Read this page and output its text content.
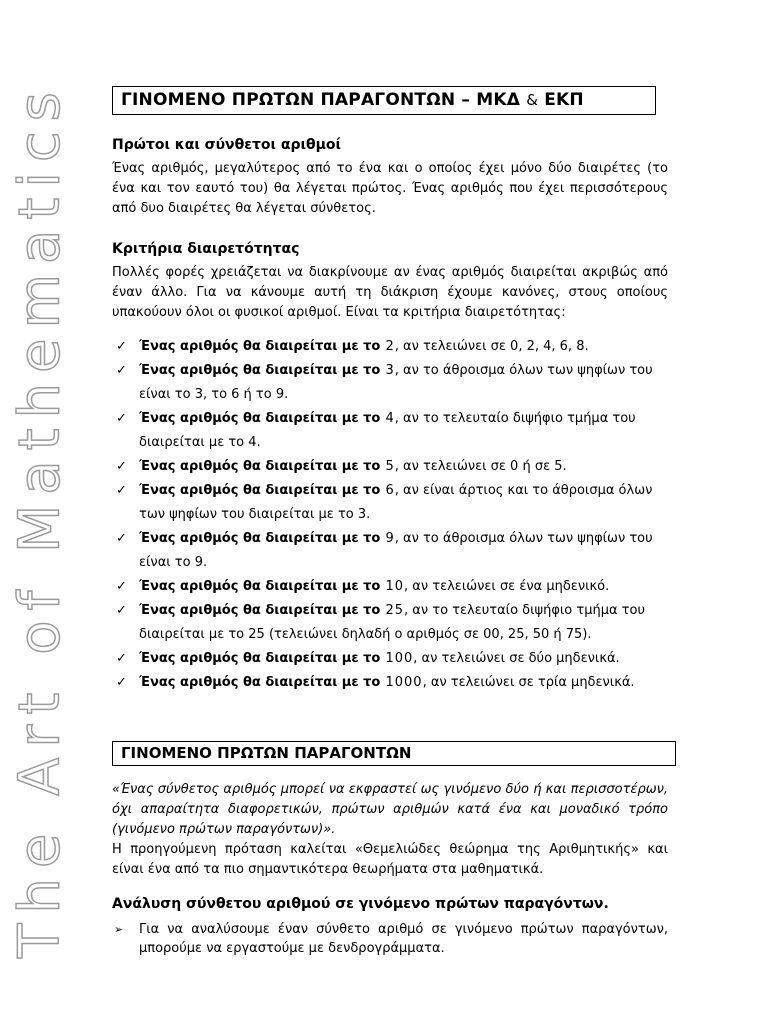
The Art of Mathematics	ΓΙΝΟΜΕΝΟ ΠΡΩΤΩΝ ΠΑΡΑΓΟΝΤΩΝ – ΜΚΔ & ΕΚΠ
Πρώτοι και σύνθετοι αριθμοί

Ένας αριθμός, μεγαλύτερος από το ένα και ο οποίος έχει μόνο δύο διαιρέτες (το ένα και τον εαυτό του) θα λέγεται πρώτος. Ένας αριθμός που έχει περισσότερους από δυο διαιρέτες θα λέγεται σύνθετος.

Κριτήρια διαιρετότητας

Πολλές φορές χρειάζεται να διακρίνουμε αν ένας αριθμός διαιρείται ακριβώς από έναν άλλο. Για να κάνουμε αυτή τη διάκριση έχουμε κανόνες, στους οποίους υπακούουν όλοι οι φυσικοί αριθμοί. Είναι τα κριτήρια διαιρετότητας:

✓ Ένας αριθμός θα διαιρείται με το 2, αν τελειώνει σε 0, 2, 4, 6, 8.
✓ Ένας αριθμός θα διαιρείται με το 3, αν το άθροισμα όλων των ψηφίων του είναι το 3, το 6 ή το 9.
✓ Ένας αριθμός θα διαιρείται με το 4, αν το τελευταίο διψήφιο τμήμα του διαιρείται με το 4.
✓ Ένας αριθμός θα διαιρείται με το 5, αν τελειώνει σε 0 ή σε 5.
✓ Ένας αριθμός θα διαιρείται με το 6, αν είναι άρτιος και το άθροισμα όλων των ψηφίων του διαιρείται με το 3.
✓ Ένας αριθμός θα διαιρείται με το 9, αν το άθροισμα όλων των ψηφίων του είναι το 9.
✓ Ένας αριθμός θα διαιρείται με το 10, αν τελειώνει σε ένα μηδενικό.
✓ Ένας αριθμός θα διαιρείται με το 25, αν το τελευταίο διψήφιο τμήμα του διαιρείται με το 25 (τελειώνει δηλαδή ο αριθμός σε 00, 25, 50 ή 75).
✓ Ένας αριθμός θα διαιρείται με το 100, αν τελειώνει σε δύο μηδενικά.
✓ Ένας αριθμός θα διαιρείται με το 1000, αν τελειώνει σε τρία μηδενικά.
ΓΙΝΟΜΕΝΟ ΠΡΩΤΩΝ ΠΑΡΑΓΟΝΤΩΝ

«Ένας σύνθετος αριθμός μπορεί να εκφραστεί ως γινόμενο δύο ή και περισσοτέρων, όχι απαραίτητα διαφορετικών, πρώτων αριθμών κατά ένα και μοναδικό τρόπο (γινόμενο πρώτων παραγόντων)».

Η προηγούμενη πρόταση καλείται «Θεμελιώδες θεώρημα της Αριθμητικής» και είναι ένα από τα πιο σημαντικότερα θεωρήματα στα μαθηματικά.

Ανάλυση σύνθετου αριθμού σε γινόμενο πρώτων παραγόντων.
➢ Για να αναλύσουμε έναν σύνθετο αριθμό σε γινόμενο πρώτων παραγόντων, μπορούμε να εργαστούμε με δενδρογράμματα.
